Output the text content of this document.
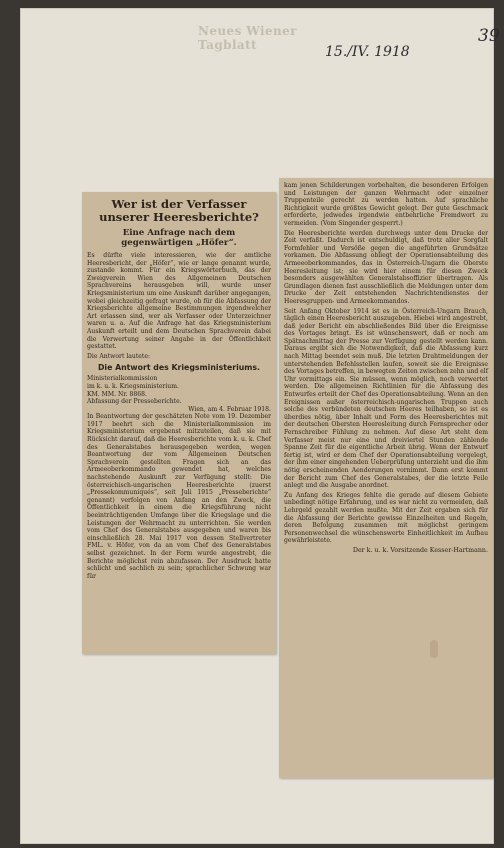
Neues Wiener Tagblatt	15./IV. 1918
39
Wer ist der Verfasser unserer Heeresberichte?
Eine Anfrage nach dem gegenwärtigen „Höfer“.

Es dürfte viele interessieren, wie der amtliche Heeresbericht, der „Höfer“, wie er lange genannt wurde, zustande kommt. Für ein Kriegswörterbuch, das der Zweigverein Wien des Allgemeinen Deutschen Sprachvereins herausgeben will, wurde unser Kriegsministerium um eine Auskunft darüber angegangen, wobei gleichzeitig gefragt wurde, ob für die Abfassung der Kriegsberichte allgemeine Bestimmungen irgendwelcher Art erlassen sind, wer als Verfasser oder Unterzeichner waren u. a. Auf die Anfrage hat das Kriegsministerium Auskunft erteilt und dem Deutschen Sprachverein dabei die Verwertung seiner Angabe in der Öffentlichkeit gestattet.

Die Antwort lautete:

Die Antwort des Kriegsministeriums.

Ministerialkommission

im k. u. k. Kriegsministerium.

KM. MM. Nr. 8868.

Abfassung der Presseberichte.

Wien, am 4. Februar 1918.

In Beantwortung der geschätzten Note vom 19. Dezember 1917 beehrt sich die Ministerialkommission im Kriegsministerium ergebenst mitzuteilen, daß sie mit Rücksicht darauf, daß die Heeresberichte vom k. u. k. Chef des Generalstabes herausgegeben werden, wegen Beantwortung der vom Allgemeinen Deutschen Sprachverein gestellten Fragen sich an das Armeeoberkommando gewendet hat, welches nachstehende Auskunft zur Verfügung stellt: Die österreichisch-ungarischen Heeresberichte (zuerst „Pressekommuniqués“, seit Juli 1915 „Presseberichte“ genannt) verfolgen von Anfang an den Zweck, die Öffentlichkeit in einem die Kriegsführung nicht beeinträchtigenden Umfange über die Kriegslage und die Leistungen der Wehrmacht zu unterrichten. Sie werden vom Chef des Generalstabes ausgegeben und waren bis einschließlich 28. Mai 1917 von dessen Stellvertreter FML. v. Höfer, von da an vom Chef des Generalstabes selbst gezeichnet. In der Form wurde angestrebt, die Berichte möglichst rein abzufassen. Der Ausdruck hatte schlicht und sachlich zu sein; sprachlicher Schwung war für

kam jenen Schilderungen vorbehalten, die besonderen Erfolgen und Leistungen der ganzen Wehrmacht oder einzelner Truppenteile gerecht zu werden hatten. Auf sprachliche Richtigkeit wurde größtes Gewicht gelegt. Der gute Geschmack erforderte, jedwedes irgendwie entbehrliche Fremdwort zu vermeiden. (Vom Singender gesperrt.)

Die Heeresberichte werden durchwegs unter dem Drucke der Zeit verfaßt. Dadurch ist entschuldigt, daß trotz aller Sorgfalt Formfehler und Versöße gegen die angeführten Grundsätze vorkamen. Die Abfassung obliegt der Operationsabteilung des Armeeoberkommandos, das in Österreich-Ungarn die Oberste Heeresleitung ist; sie wird hier einem für diesen Zweck besonders ausgewählten Generalstabsoffizier übertragen. Als Grundlagen dienen fast ausschließlich die Meldungen unter dem Drucke der Zeit entstehenden Nachrichtendienstes der Heeresgruppen- und Armeekommandos.

Seit Anfang Oktober 1914 ist es in Österreich-Ungarn Brauch, täglich einen Heeresbericht auszugeben. Hiebei wird angestrebt, daß jeder Bericht ein abschließendes Bild über die Ereignisse des Vortages bringt. Es ist wünschenswert, daß er noch am Spätnachmittag der Presse zur Verfügung gestellt werden kann. Daraus ergibt sich die Notwendigkeit, daß die Abfassung kurz nach Mittag beendet sein muß. Die letzten Drahtmeldungen der unterstehenden Befehlsstellen laufen, soweit sie die Ereignisse des Vortages betreffen, in bewegten Zeiten zwischen zehn und elf Uhr vormittags ein. Sie müssen, wenn möglich, noch verwertet werden. Die allgemeinen Richtlinien für die Abfassung des Entwurfes erteilt der Chef des Operationsabteilung. Wenn an den Ereignissen außer österreichisch-ungarischen Truppen auch solche des verbündeten deutschen Heeres teilhaben, so ist es überdies nötig, über Inhalt und Form des Heeresberichtes mit der deutschen Obersten Heeresleitung durch Fernsprecher oder Fernschreiber Fühlung zu nehmen. Auf diese Art steht dem Verfasser meist nur eine und dreiviertel Stunden zählende Spanne Zeit für die eigentliche Arbeit übrig. Wenn der Entwurf fertig ist, wird er dem Chef der Operationsabteilung vorgelegt, der ihm einer eingehenden Ueberprüfung unterzieht und die ihm nötig erscheinenden Aenderungen vornimmt. Dann erst kommt der Bericht zum Chef des Generalstabes, der die letzte Feile anlegt und die Ausgabe anordnet.

Zu Anfang des Krieges fehlte die gerade auf diesem Gebiete unbedingt nötige Erfahrung, und es war nicht zu vermeiden, daß Lehrgeld gezahlt werden mußte. Mit der Zeit ergaben sich für die Abfassung der Berichte gewisse Einzelheiten und Regeln, deren Befolgung zusammen mit möglichst geringem Personenwechsel die wünschenswerte Einheitlichkeit im Aufbau gewährleistete.

Der k. u. k. Vorsitzende Kesser-Hartmann.
